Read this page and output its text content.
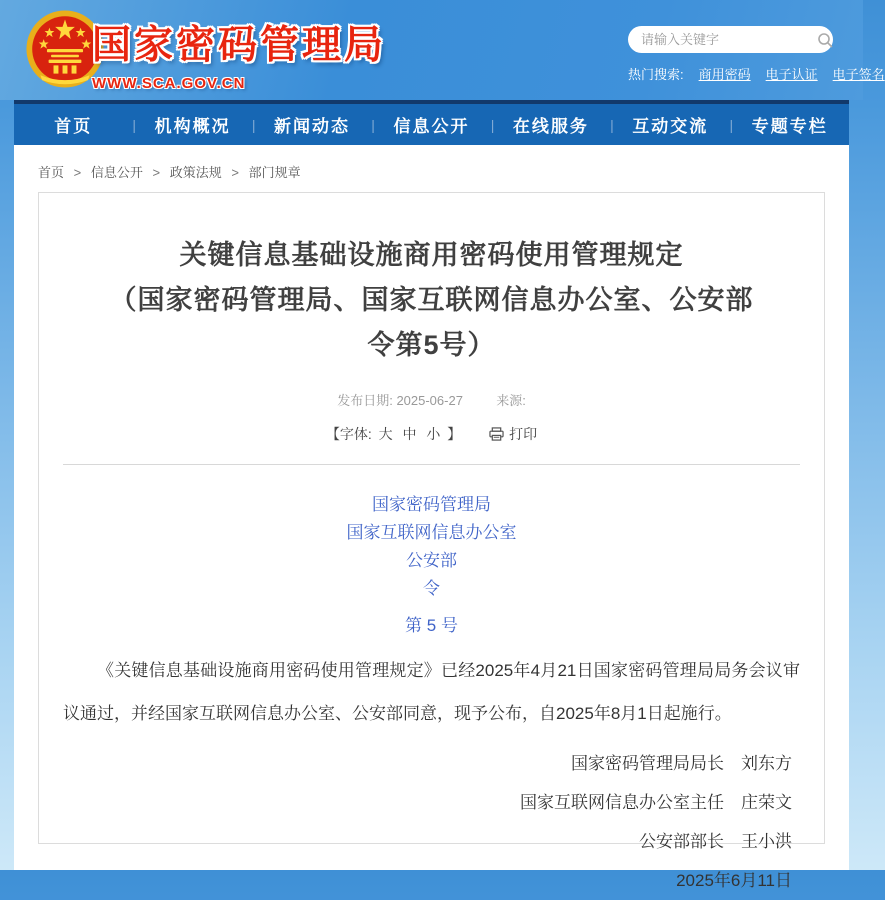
国家密码管理局
WWW.SCA.GOV.CN
请输入关键字
热门搜索: 商用密码 电子认证 电子签名
首页	|	机构概况	|	新闻动态	|	信息公开	|	在线服务	|	互动交流	|	专题专栏
首页 > 信息公开 > 政策法规 > 部门规章
关键信息基础设施商用密码使用管理规定
（国家密码管理局、国家互联网信息办公室、公安部
令第5号）
发布日期: 2025-06-27	来源:
【字体: 大 中 小 】	打印
国家密码管理局
国家互联网信息办公室
公安部
令
第 5 号

《关键信息基础设施商用密码使用管理规定》已经2025年4月21日国家密码管理局局务会议审议通过，并经国家互联网信息办公室、公安部同意，现予公布，自2025年8月1日起施行。

国家密码管理局局长　刘东方
国家互联网信息办公室主任　庄荣文
公安部部长　王小洪
2025年6月11日
